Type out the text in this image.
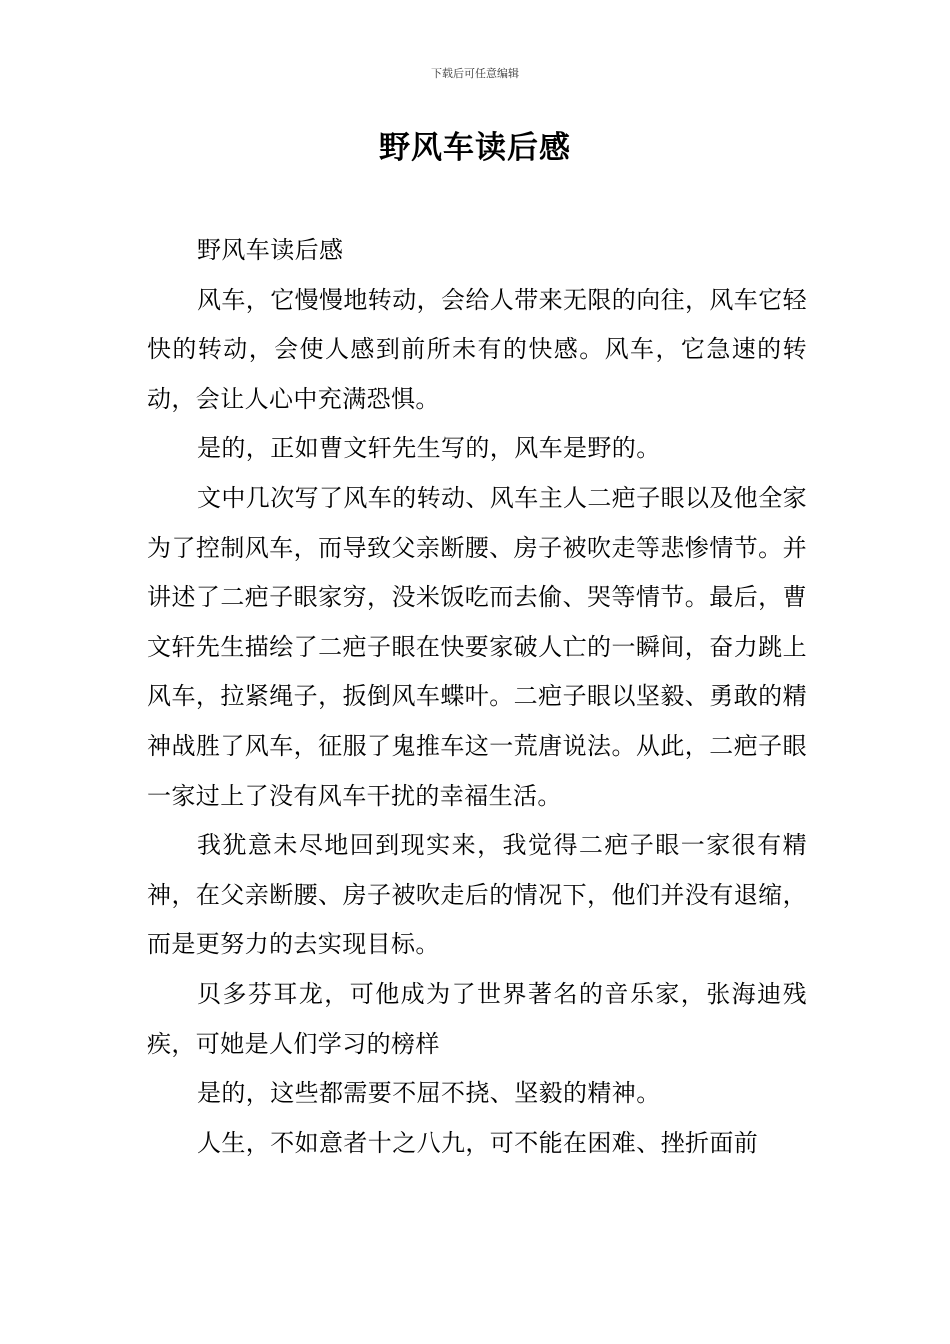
下载后可任意编辑
野风车读后感

野风车读后感

风车，它慢慢地转动，会给人带来无限的向往，风车它轻快的转动，会使人感到前所未有的快感。风车，它急速的转动，会让人心中充满恐惧。

是的，正如曹文轩先生写的，风车是野的。

文中几次写了风车的转动、风车主人二疤子眼以及他全家为了控制风车，而导致父亲断腰、房子被吹走等悲惨情节。并讲述了二疤子眼家穷，没米饭吃而去偷、哭等情节。最后，曹文轩先生描绘了二疤子眼在快要家破人亡的一瞬间，奋力跳上风车，拉紧绳子，扳倒风车蝶叶。二疤子眼以坚毅、勇敢的精神战胜了风车，征服了鬼推车这一荒唐说法。从此，二疤子眼一家过上了没有风车干扰的幸福生活。

我犹意未尽地回到现实来，我觉得二疤子眼一家很有精神，在父亲断腰、房子被吹走后的情况下，他们并没有退缩，而是更努力的去实现目标。

贝多芬耳龙，可他成为了世界著名的音乐家，张海迪残疾，可她是人们学习的榜样

是的，这些都需要不屈不挠、坚毅的精神。

人生，不如意者十之八九，可不能在困难、挫折面前
